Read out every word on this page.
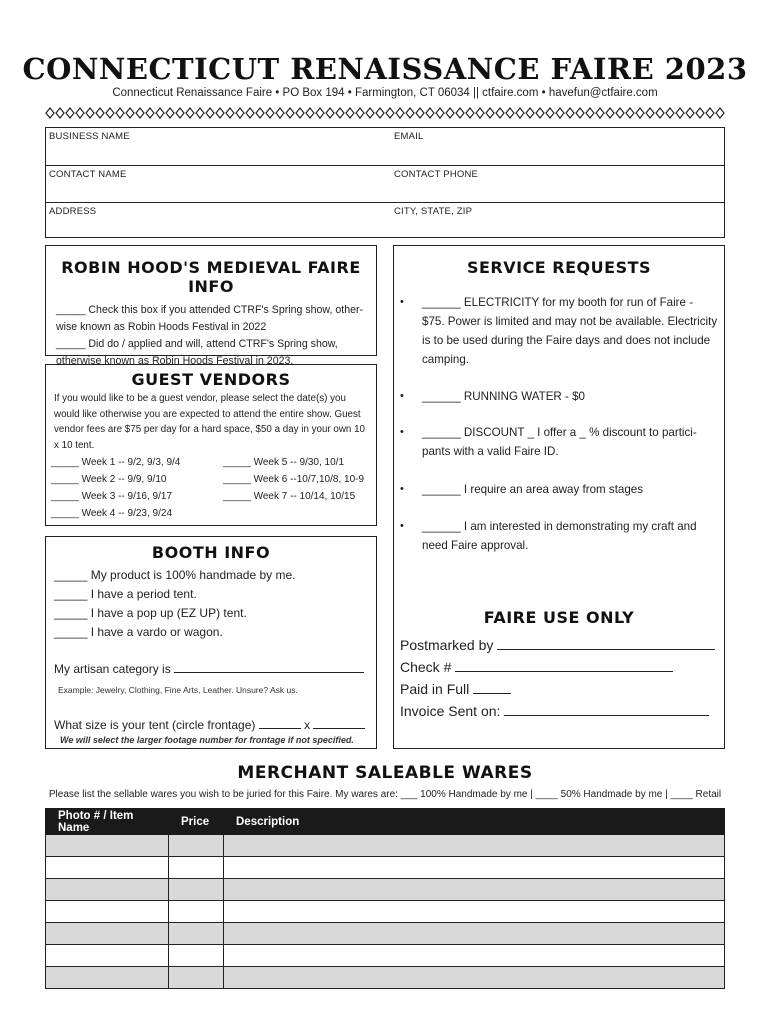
CONNECTICUT RENAISSANCE FAIRE 2023
Connecticut Renaissance Faire • PO Box 194 • Farmington, CT 06034 || ctfaire.com • havefun@ctfaire.com
BUSINESS NAME	EMAIL
CONTACT NAME	CONTACT PHONE
ADDRESS	CITY, STATE, ZIP
ROBIN HOOD'S MEDIEVAL FAIRE INFO

_____ Check this box if you attended CTRF's Spring show, other-wise known as Robin Hoods Festival in 2022

_____ Did do / applied and will, attend CTRF's Spring show, otherwise known as Robin Hoods Festival in 2023.

GUEST VENDORS
If you would like to be a guest vendor, please select the date(s) you would like otherwise you are expected to attend the entire show. Guest vendor fees are $75 per day for a hard space, $50 a day in your own 10 x 10 tent.
_____ Week 1 -- 9/2, 9/3, 9/4
_____ Week 2 -- 9/9, 9/10
_____ Week 3 -- 9/16, 9/17
_____ Week 4 -- 9/23, 9/24
_____ Week 5 -- 9/30, 10/1
_____ Week 6 --10/7,10/8, 10-9
_____ Week 7 -- 10/14, 10/15
BOOTH INFO
_____ My product is 100% handmade by me.
_____ I have a period tent.
_____ I have a pop up (EZ UP) tent.
_____ I have a vardo or wagon.
My artisan category is
Example: Jewelry, Clothing, Fine Arts, Leather. Unsure? Ask us.
What size is your tent (circle frontage)	x
We will select the larger footage number for frontage if not specified.
SERVICE REQUESTS
•	______ ELECTRICITY for my booth for run of Faire - $75. Power is limited and may not be available. Electricity is to be used during the Faire days and does not include camping.
•	______ RUNNING WATER - $0
•	______ DISCOUNT _ I offer a _ % discount to partici-pants with a valid Faire ID.
•	______ I require an area away from stages
•	______ I am interested in demonstrating my craft and need Faire approval.
FAIRE USE ONLY
Postmarked by
Check #
Paid in Full
Invoice Sent on:
MERCHANT SALEABLE WARES
Please list the sellable wares you wish to be juried for this Faire. My wares are: ___ 100% Handmade by me | ____ 50% Handmade by me | ____ Retail
Photo # / Item Name	Price	Description
